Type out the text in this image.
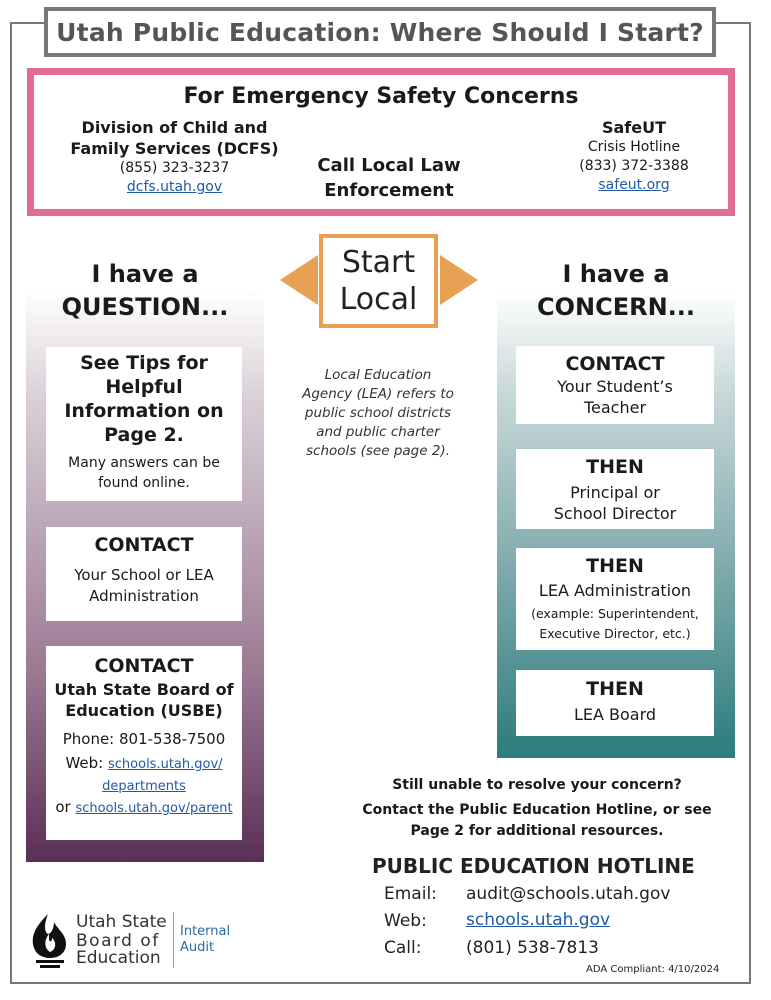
Utah Public Education: Where Should I Start?
For Emergency Safety Concerns
Division of Child and Family Services (DCFS)
(855) 323-3237
dcfs.utah.gov
Call Local Law Enforcement
SafeUT
Crisis Hotline
(833) 372-3388
safeut.org
I have a
QUESTION...
See Tips for Helpful Information on Page 2.
Many answers can be found online.
CONTACT
Your School or LEA Administration
CONTACT
Utah State Board of Education (USBE)
Phone: 801-538-7500
Web: schools.utah.gov/ departments
or schools.utah.gov/parent
Start
Local
Local Education Agency (LEA) refers to public school districts and public charter schools (see page 2).
I have a
CONCERN...
CONTACT
Your Student’s Teacher
THEN
Principal or School Director
THEN
LEA Administration
(example: Superintendent, Executive Director, etc.)
THEN
LEA Board
Still unable to resolve your concern?
Contact the Public Education Hotline, or see Page 2 for additional resources.
PUBLIC EDUCATION HOTLINE
Email: audit@schools.utah.gov
Web: schools.utah.gov
Call:	(801) 538-7813
Utah State
Board of
Education
Internal Audit
ADA Compliant: 4/10/2024
